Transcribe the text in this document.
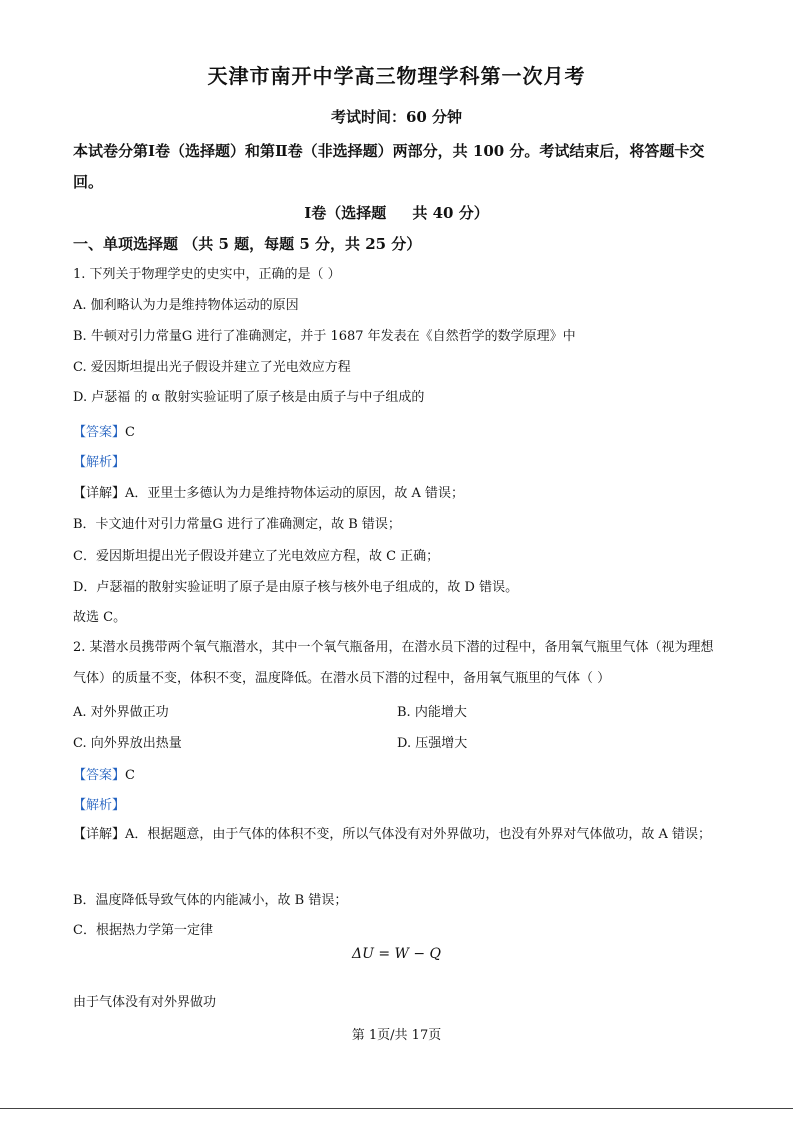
天津市南开中学高三物理学科第一次月考
考试时间：60 分钟
本试卷分第Ⅰ卷（选择题）和第Ⅱ卷（非选择题）两部分，共 100 分。考试结束后，将答题卡交回。
Ⅰ卷（选择题     共 40 分）
一、单项选择题 （共 5 题，每题 5 分，共 25 分）
1. 下列关于物理学史的史实中，正确的是（ ）
A. 伽利略认为力是维持物体运动的原因
B. 牛顿对引力常量G 进行了准确测定，并于 1687 年发表在《自然哲学的数学原理》中
C. 爱因斯坦提出光子假设并建立了光电效应方程
D. 卢瑟福 的 α 散射实验证明了原子核是由质子与中子组成的
【答案】C
【解析】
【详解】A．亚里士多德认为力是维持物体运动的原因，故 A 错误；
B．卡文迪什对引力常量G 进行了准确测定，故 B 错误；
C．爱因斯坦提出光子假设并建立了光电效应方程，故 C 正确；
D．卢瑟福的散射实验证明了原子是由原子核与核外电子组成的，故 D 错误。
故选 C。
2. 某潜水员携带两个氧气瓶潜水，其中一个氧气瓶备用，在潜水员下潜的过程中，备用氧气瓶里气体（视为理想气体）的质量不变，体积不变，温度降低。在潜水员下潜的过程中，备用氧气瓶里的气体（ ）
A. 对外界做正功	B. 内能增大
C. 向外界放出热量	D. 压强增大
【答案】C
【解析】
【详解】A．根据题意，由于气体的体积不变，所以气体没有对外界做功，也没有外界对气体做功，故 A 错误；
B．温度降低导致气体的内能减小，故 B 错误；
C．根据热力学第一定律
ΔU = W − Q
由于气体没有对外界做功
第 1页/共 17页
